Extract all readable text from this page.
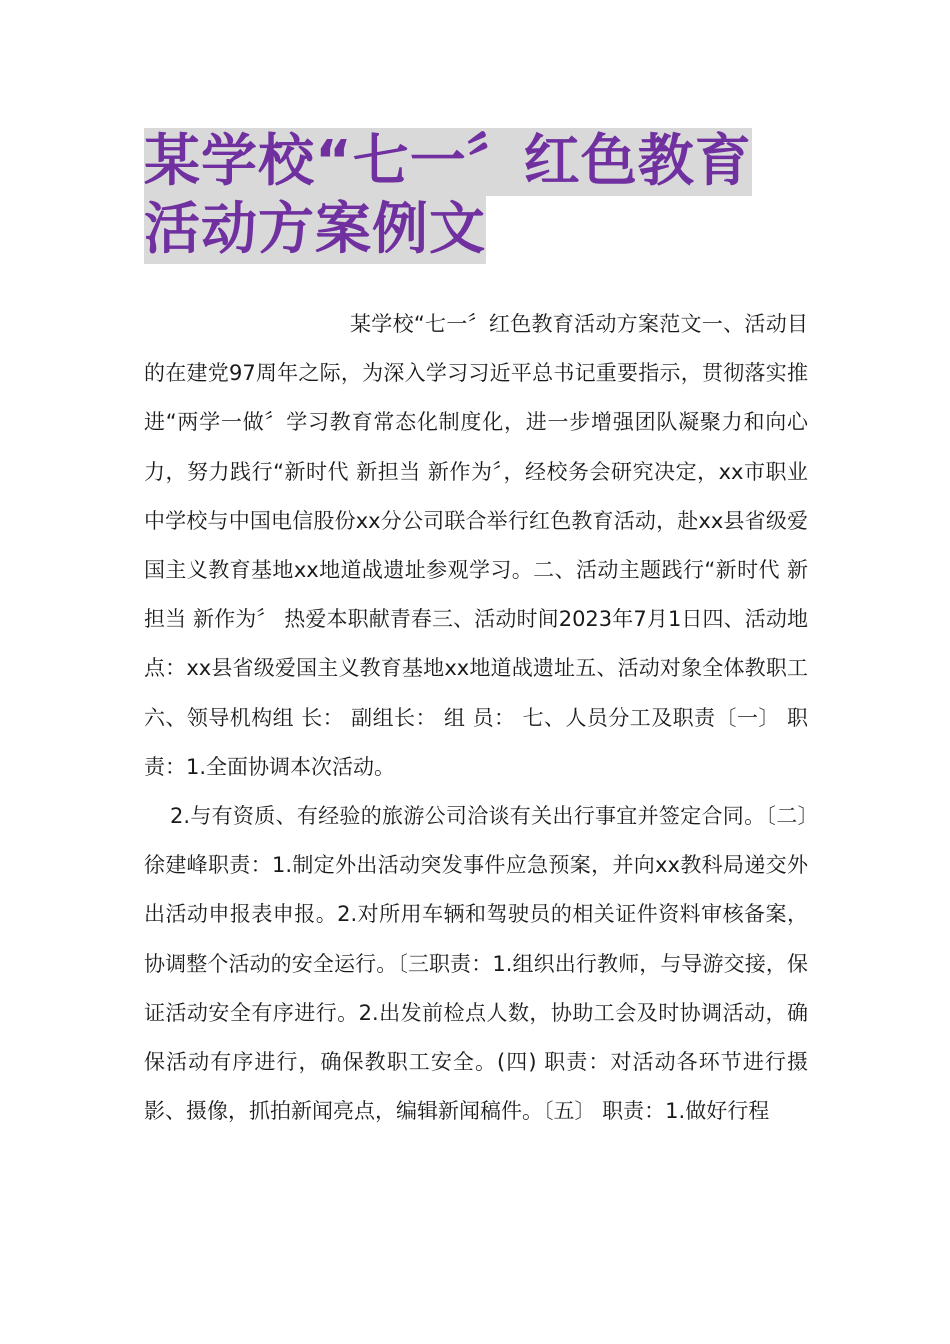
某学校“七一〞红色教育
活动方案例文

某学校“七一〞红色教育活动方案范文一、活动目的在建党97周年之际，为深入学习习近平总书记重要指示，贯彻落实推进“两学一做〞学习教育常态化制度化，进一步增强团队凝聚力和向心力，努力践行“新时代 新担当 新作为〞，经校务会研究决定，xx市职业中学校与中国电信股份xx分公司联合举行红色教育活动，赴xx县省级爱国主义教育基地xx地道战遗址参观学习。二、活动主题践行“新时代 新担当 新作为〞 热爱本职献青春三、活动时间2023年7月1日四、活动地点：xx县省级爱国主义教育基地xx地道战遗址五、活动对象全体教职工六、领导机构组 长： 副组长： 组 员： 七、人员分工及职责〔一〕 职责：1.全面协调本次活动。

2.与有资质、有经验的旅游公司洽谈有关出行事宜并签定合同。〔二〕徐建峰职责：1.制定外出活动突发事件应急预案，并向xx教科局递交外出活动申报表申报。2.对所用车辆和驾驶员的相关证件资料审核备案，协调整个活动的安全运行。〔三职责：1.组织出行教师，与导游交接，保证活动安全有序进行。2.出发前检点人数，协助工会及时协调活动，确保活动有序进行，确保教职工安全。(四) 职责：对活动各环节进行摄影、摄像，抓拍新闻亮点，编辑新闻稿件。〔五〕 职责：1.做好行程
